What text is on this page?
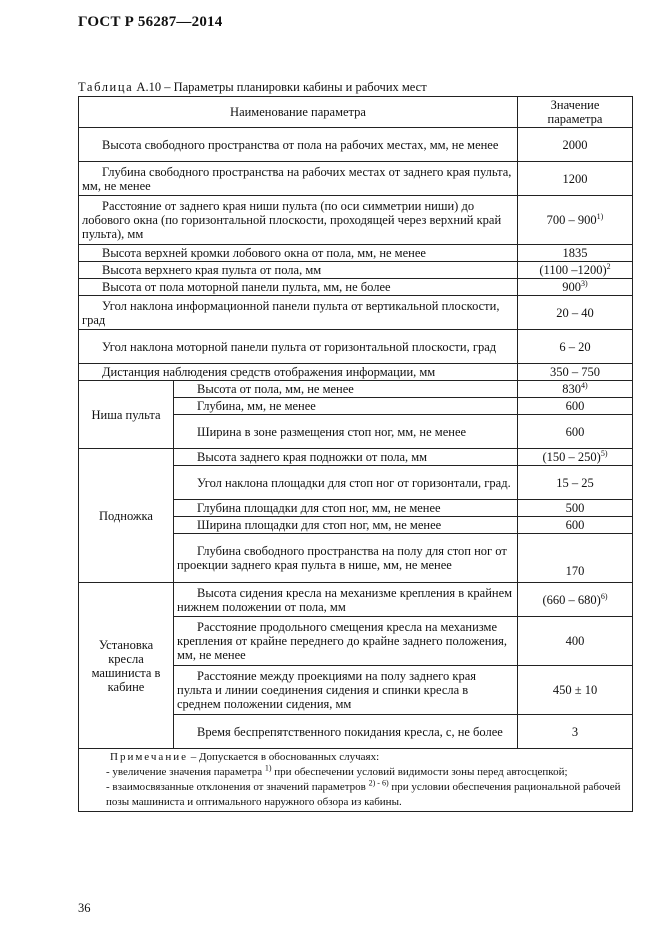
ГОСТ Р 56287—2014
Таблица А.10 – Параметры планировки кабины и рабочих мест
Наименование параметра		Значение
параметра
Высота свободного пространства от пола на рабочих местах, мм, не менее		2000
Глубина свободного пространства на рабочих местах от заднего края пульта, мм, не менее		1200
Расстояние от заднего края ниши пульта (по оси симметрии ниши) до лобового окна (по горизонтальной плоскости, проходящей через верхний край пульта), мм		700 – 900$^{1)}$
Высота верхней кромки лобового окна от пола, мм, не менее		1835
Высота верхнего края пульта от пола, мм		(1100 –1200)$^2$
Высота от пола моторной панели пульта, мм, не более		900$^{3)}$
Угол наклона информационной панели пульта от вертикальной плоскости, град		20 – 40
Угол наклона моторной панели пульта от горизонтальной плоскости, град		6 – 20
Дистанция наблюдения средств отображения информации, мм		350 – 750
Ниша пульта	Высота от пола, мм, не менее	830$^{4)}$
	Глубина, мм, не менее	600
	Ширина в зоне размещения стоп ног, мм, не менее	600
Подножка	Высота заднего края подножки от пола, мм	(150 – 250)$^{5)}$
	Угол наклона площадки для стоп ног от горизонтали, град.	15 – 25
	Глубина площадки для стоп ног, мм, не менее	500
	Ширина площадки для стоп ног, мм, не менее	600
	Глубина свободного пространства на полу для стоп ног от проекции заднего края пульта в нише, мм, не менее	170
Установка кресла машиниста в кабине	Высота сидения кресла на механизме крепления в крайнем нижнем положении от пола, мм	(660 – 680)$^{6)}$
	Расстояние продольного смещения кресла на механизме крепления от крайне переднего до крайне заднего положения, мм, не менее	400
	Расстояние между проекциями на полу заднего края пульта и линии соединения сидения и спинки кресла в среднем положении сидения, мм	450 ± 10
	Время беспрепятственного покидания кресла, с, не более	3

Примечание – Допускается в обоснованных случаях:
- увеличение значения параметра $^{1)}$ при обеспечении условий видимости зоны перед автосцепкой;
- взаимосвязанные отклонения от значений параметров $^{2) - 6)}$ при условии обеспечения рациональной рабочей позы машиниста и оптимального наружного обзора из кабины.		
36
